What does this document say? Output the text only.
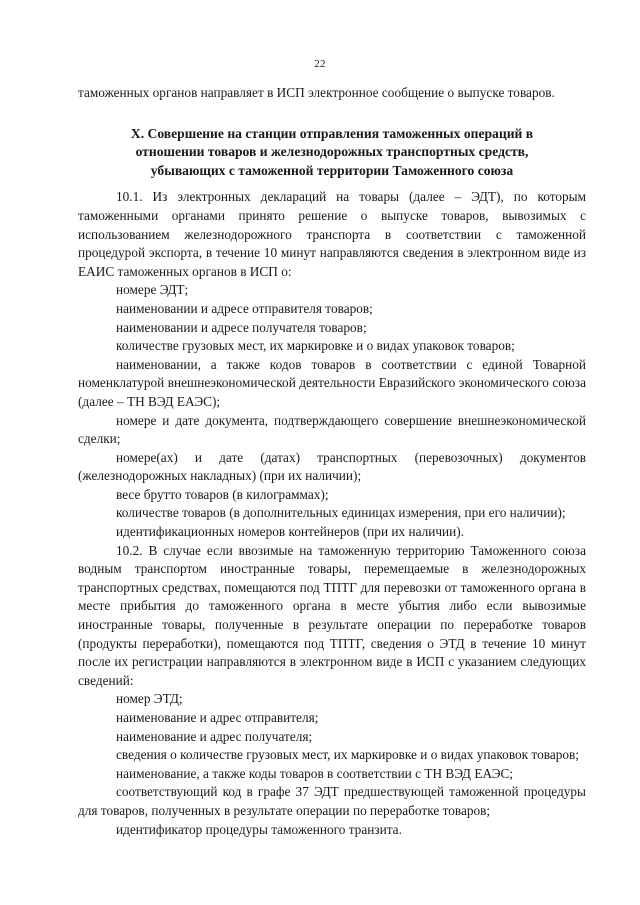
22

таможенных органов направляет в ИСП электронное сообщение о выпуске товаров.

X. Совершение на станции отправления таможенных операций в
отношении товаров и железнодорожных транспортных средств,
убывающих с таможенной территории Таможенного союза

10.1. Из электронных деклараций на товары (далее – ЭДТ), по которым таможенными органами принято решение о выпуске товаров, вывозимых с использованием железнодорожного транспорта в соответствии с таможенной процедурой экспорта, в течение 10 минут направляются сведения в электронном виде из ЕАИС таможенных органов в ИСП о:

номере ЭДТ;

наименовании и адресе отправителя товаров;

наименовании и адресе получателя товаров;

количестве грузовых мест, их маркировке и о видах упаковок товаров;

наименовании, а также кодов товаров в соответствии с единой Товарной номенклатурой внешнеэкономической деятельности Евразийского экономического союза (далее – ТН ВЭД ЕАЭС);

номере и дате документа, подтверждающего совершение внешнеэкономической сделки;

номере(ах) и дате (датах) транспортных (перевозочных) документов (железнодорожных накладных) (при их наличии);

весе брутто товаров (в килограммах);

количестве товаров (в дополнительных единицах измерения, при его наличии);

идентификационных номеров контейнеров (при их наличии).

10.2. В случае если ввозимые на таможенную территорию Таможенного союза водным транспортом иностранные товары, перемещаемые в железнодорожных транспортных средствах, помещаются под ТПТГ для перевозки от таможенного органа в месте прибытия до таможенного органа в месте убытия либо если вывозимые иностранные товары, полученные в результате операции по переработке товаров (продукты переработки), помещаются под ТПТГ, сведения о ЭТД в течение 10 минут после их регистрации направляются в электронном виде в ИСП с указанием следующих сведений:

номер ЭТД;

наименование и адрес отправителя;

наименование и адрес получателя;

сведения о количестве грузовых мест, их маркировке и о видах упаковок товаров;

наименование, а также коды товаров в соответствии с ТН ВЭД ЕАЭС;

соответствующий код в графе 37 ЭДТ предшествующей таможенной процедуры для товаров, полученных в результате операции по переработке товаров;

идентификатор процедуры таможенного транзита.
